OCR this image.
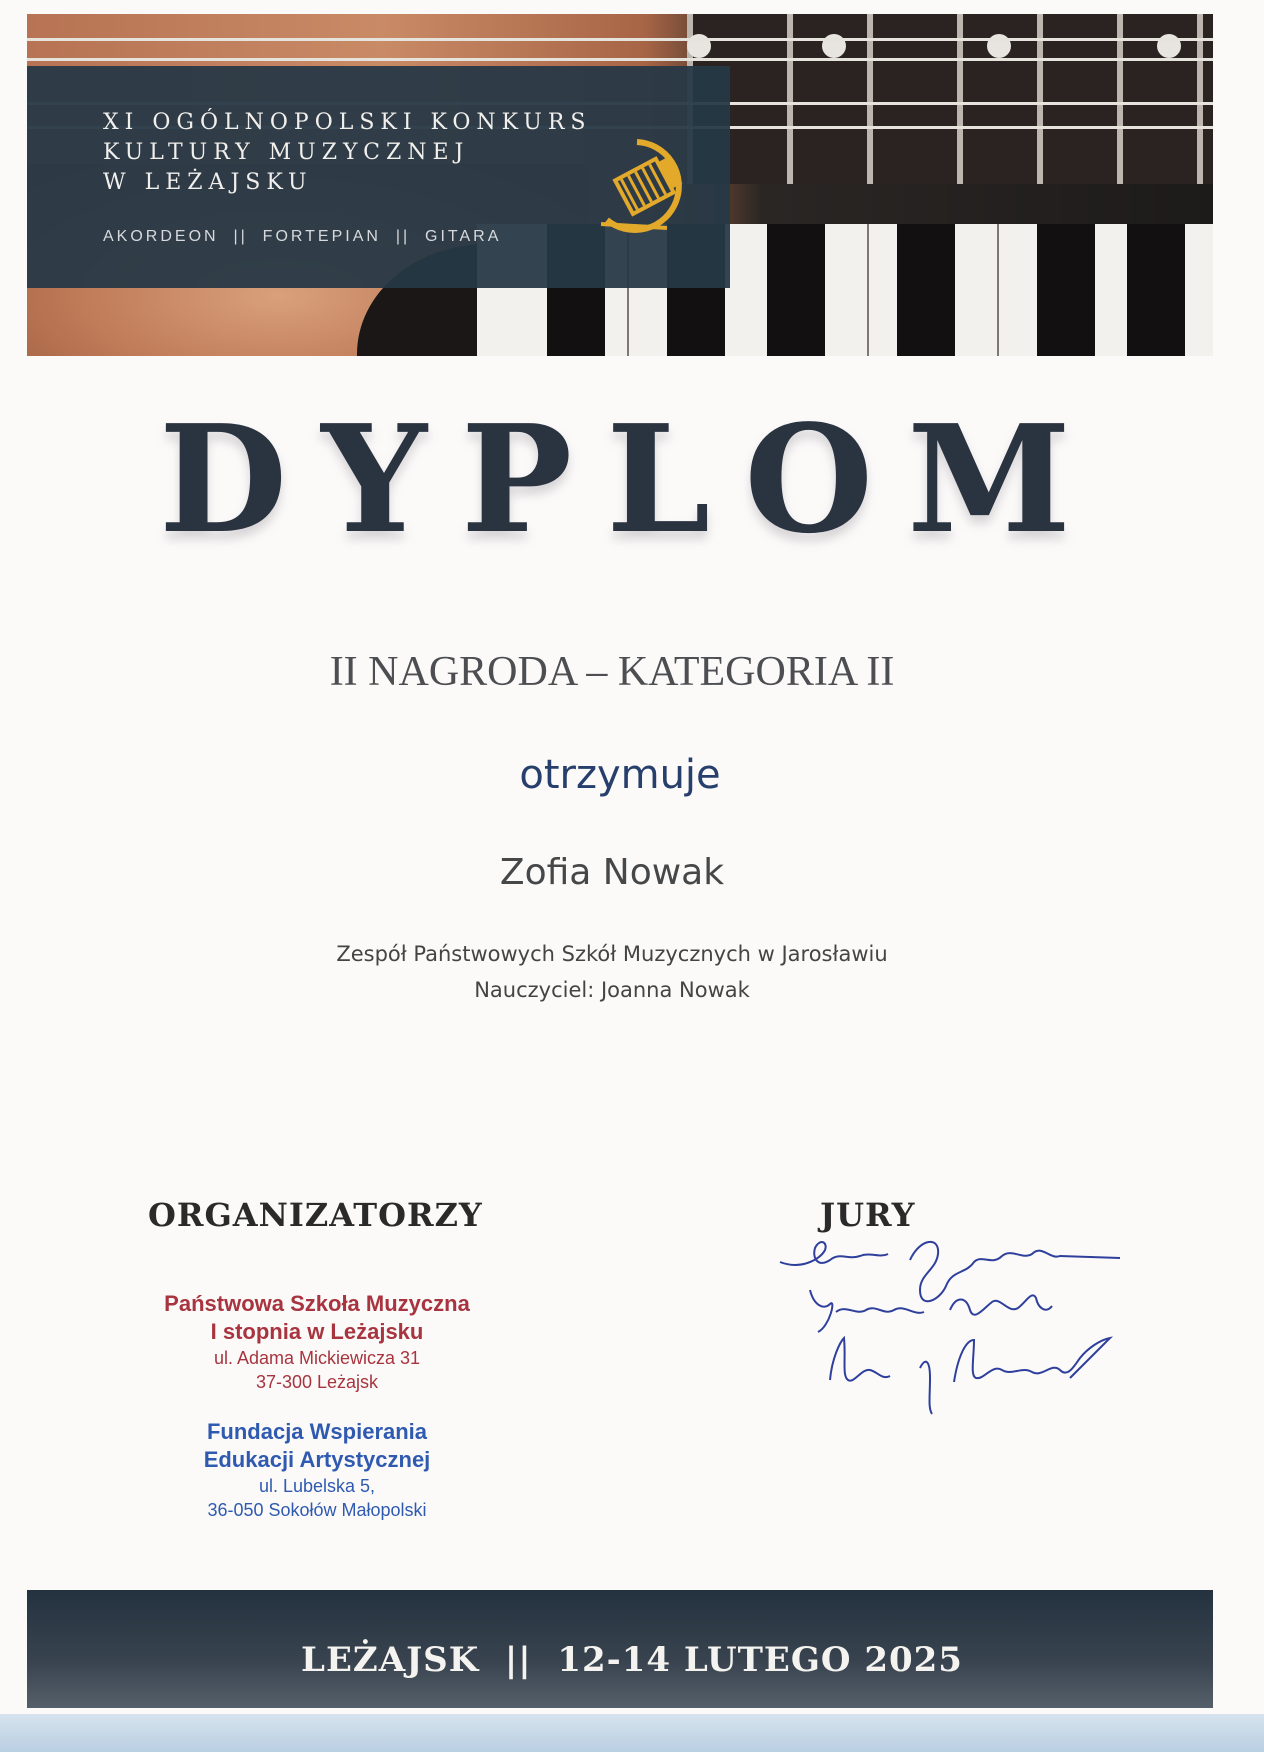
XI OGÓLNOPOLSKI KONKURS
KULTURY MUZYCZNEJ
W LEŻAJSKU
AKORDEON  ||  FORTEPIAN  ||  GITARA
DYPLOM
II NAGRODA – KATEGORIA II
otrzymuje
Zofia Nowak
Zespół Państwowych Szkół Muzycznych w Jarosławiu
Nauczyciel: Joanna Nowak
ORGANIZATORZY
Państwowa Szkoła Muzyczna
I stopnia w Leżajsku
ul. Adama Mickiewicza 31
37-300 Leżajsk
Fundacja Wspierania
Edukacji Artystycznej
ul. Lubelska 5,
36-050 Sokołów Małopolski
JURY
LEŻAJSK  ||  12-14 LUTEGO 2025
